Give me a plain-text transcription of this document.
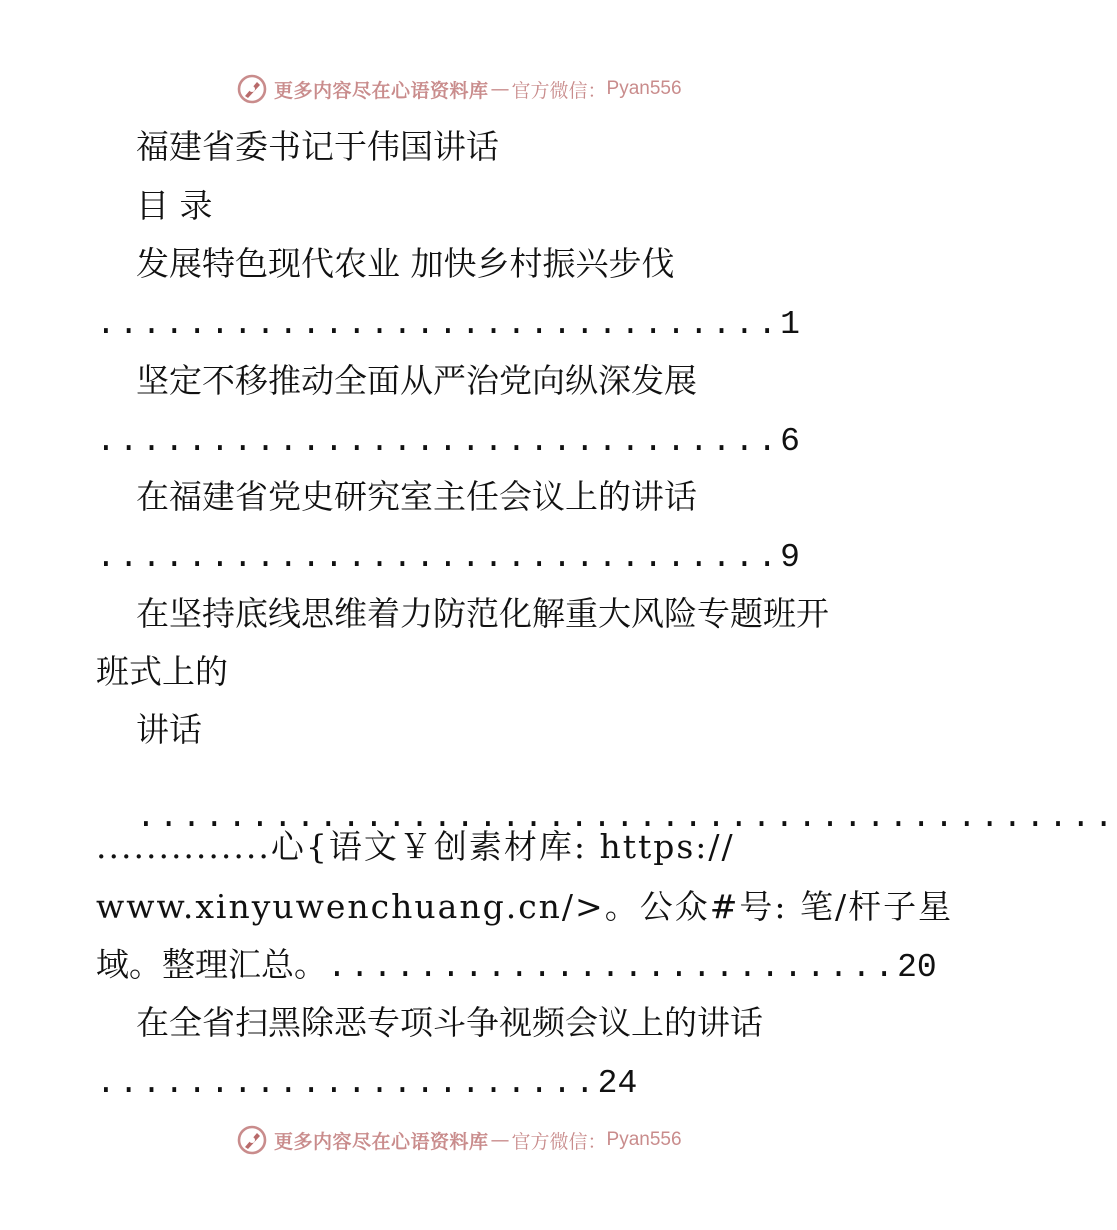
更多内容尽在心语资料库 — 官方微信： Pyan556
福建省委书记于伟国讲话
目 录
发展特色现代农业 加快乡村振兴步伐
..............................1
坚定不移推动全面从严治党向纵深发展
..............................6
在福建省党史研究室主任会议上的讲话
..............................9
在坚持底线思维着力防范化解重大风险专题班开
班式上的
讲话
...........................................
..............心{语文￥创素材库: https://
www.xinyuwenchuang.cn/>。公众#号: 笔/杆子星
域。整理汇总。.........................20
在全省扫黑除恶专项斗争视频会议上的讲话
......................24
更多内容尽在心语资料库 — 官方微信： Pyan556
